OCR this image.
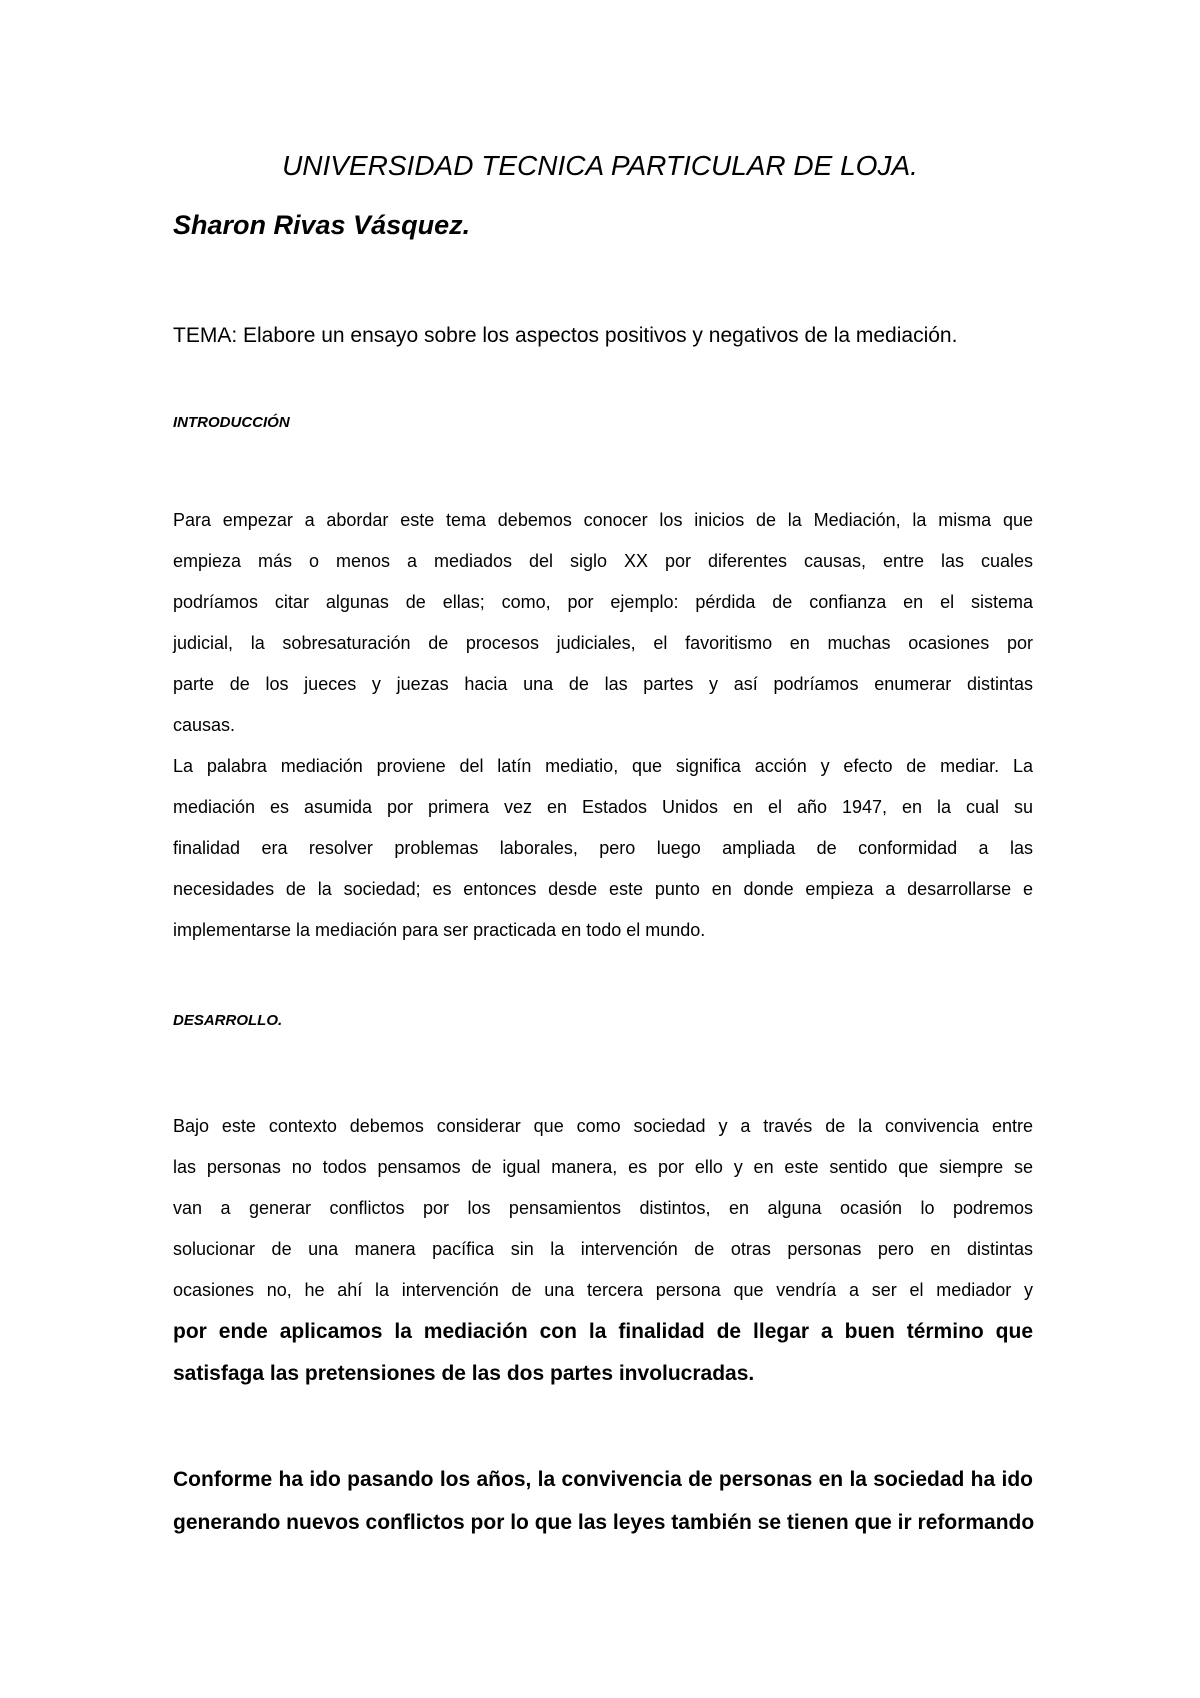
UNIVERSIDAD TECNICA PARTICULAR DE LOJA.
Sharon Rivas Vásquez.
TEMA: Elabore un ensayo sobre los aspectos positivos y negativos de la mediación.
INTRODUCCIÓN
Para empezar a abordar este tema debemos conocer los inicios de la Mediación, la misma que
empieza más o menos a mediados del siglo XX por diferentes causas, entre las cuales
podríamos citar algunas de ellas; como, por ejemplo: pérdida de confianza en el sistema
judicial, la sobresaturación de procesos judiciales, el favoritismo en muchas ocasiones por
parte de los jueces y juezas hacia una de las partes y así podríamos enumerar distintas
causas.
La palabra mediación proviene del latín mediatio, que significa acción y efecto de mediar. La
mediación es asumida por primera vez en Estados Unidos en el año 1947, en la cual su
finalidad era resolver problemas laborales, pero luego ampliada de conformidad a las
necesidades de la sociedad; es entonces desde este punto en donde empieza a desarrollarse e
implementarse la mediación para ser practicada en todo el mundo.
DESARROLLO.
Bajo este contexto debemos considerar que como sociedad y a través de la convivencia entre
las personas no todos pensamos de igual manera, es por ello y en este sentido que siempre se
van a generar conflictos por los pensamientos distintos, en alguna ocasión lo podremos
solucionar de una manera pacífica sin la intervención de otras personas pero en distintas
ocasiones no, he ahí la intervención de una tercera persona que vendría a ser el mediador y
por ende aplicamos la mediación con la finalidad de llegar a buen término que
satisfaga las pretensiones de las dos partes involucradas.
Conforme ha ido pasando los años, la convivencia de personas en la sociedad ha ido
generando nuevos conflictos por lo que las leyes también se tienen que ir reformando
